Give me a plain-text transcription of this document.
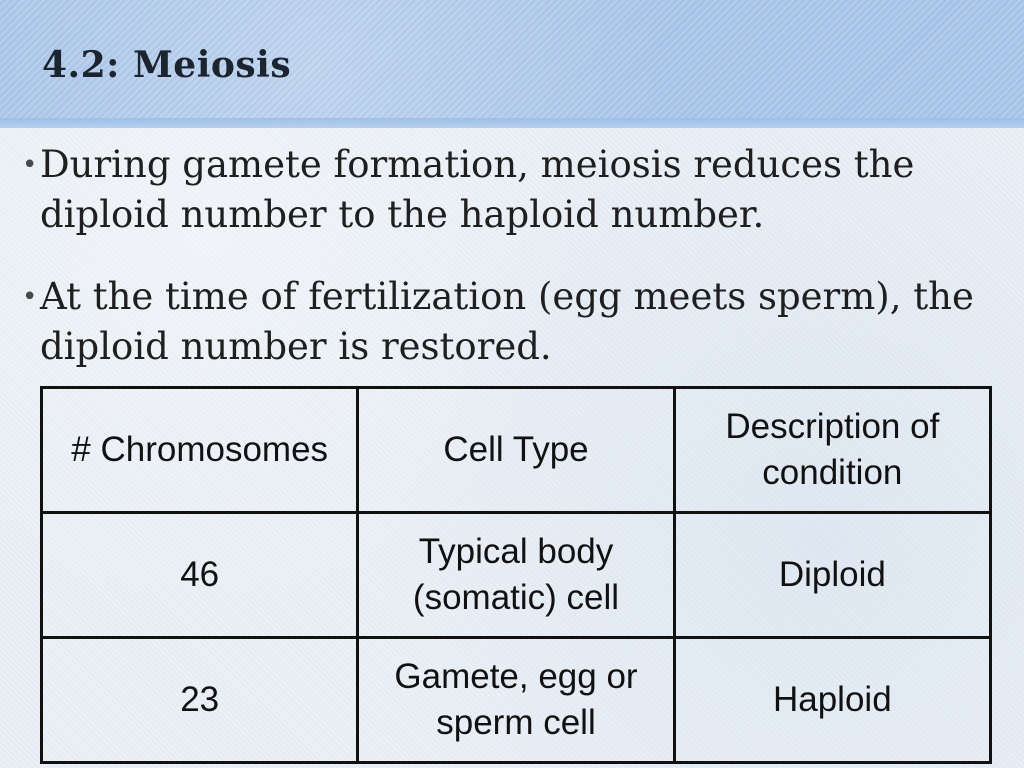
4.2: Meiosis
• During gamete formation, meiosis reduces the diploid number to the haploid number.
• At the time of fertilization (egg meets sperm), the diploid number is restored.
# Chromosomes	Cell Type	Description of condition
46	Typical body (somatic) cell	Diploid
23	Gamete, egg or sperm cell	Haploid
